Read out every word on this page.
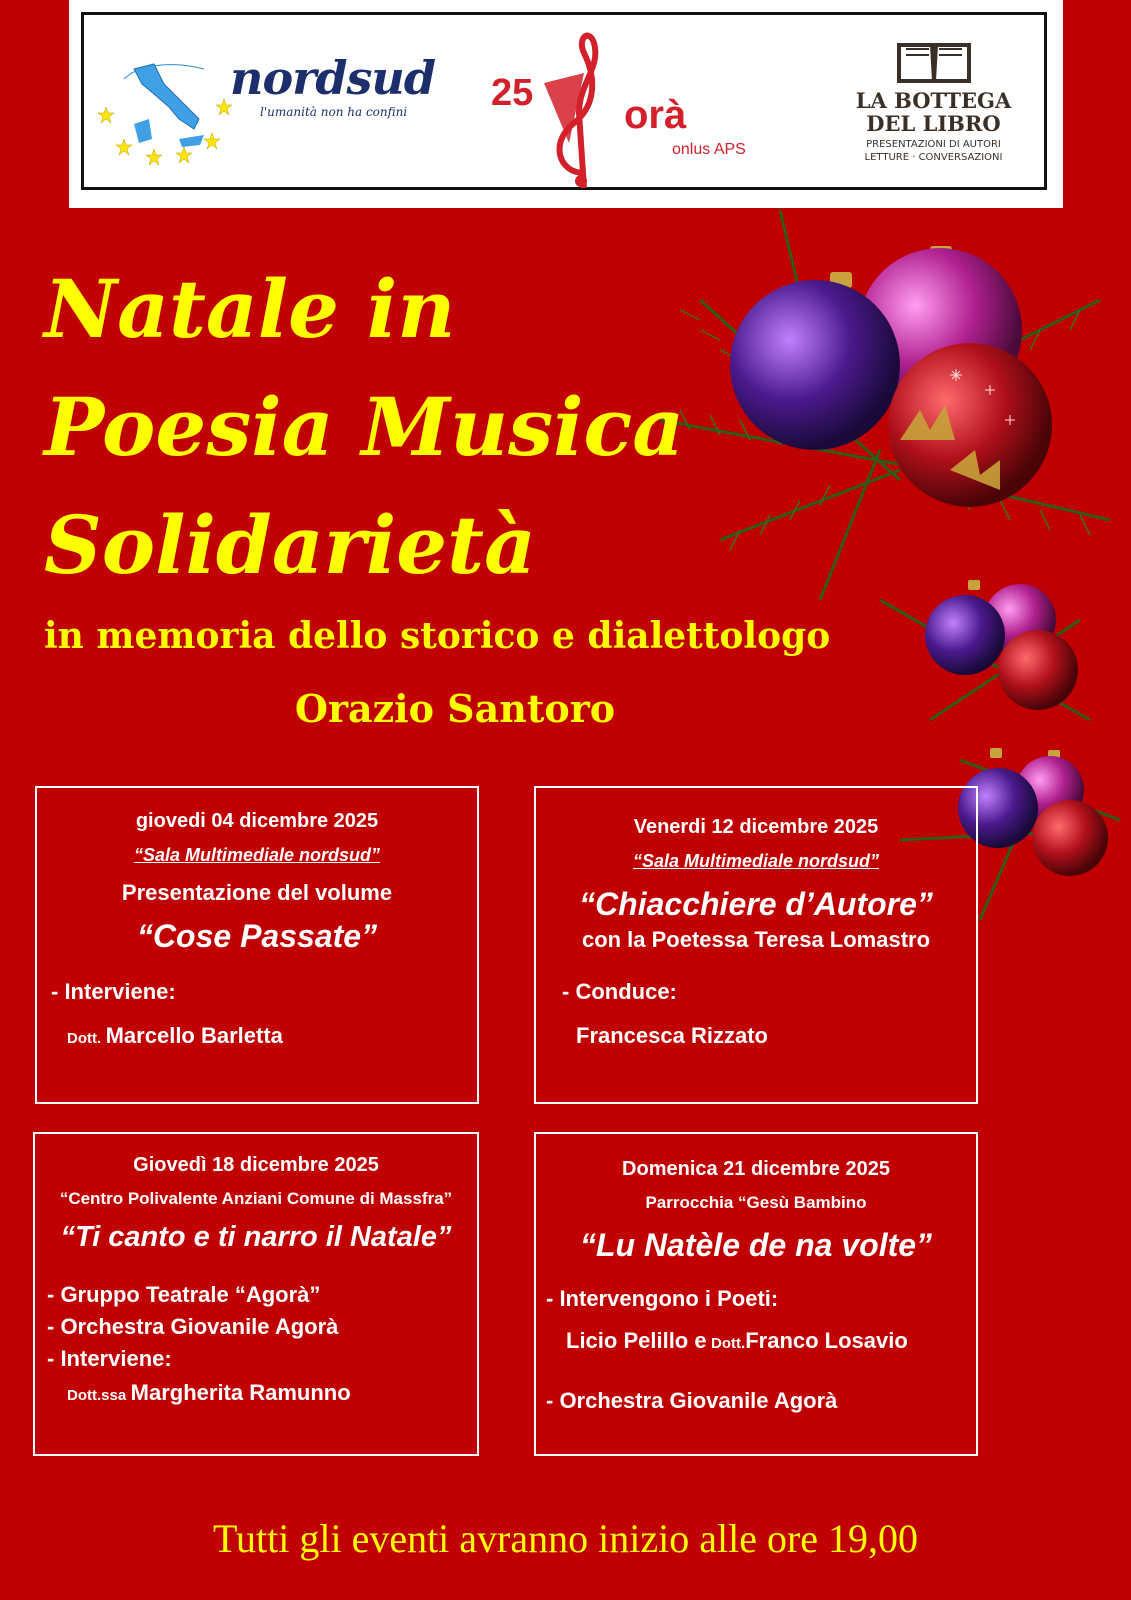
nordsud
l'umanità non ha confini 25 orà
onlus APS
LA BOTTEGA
DEL LIBRO
PRESENTAZIONI DI AUTORI
LETTURE · CONVERSAZIONI
Natale in
Poesia Musica
Solidarietà
in memoria dello storico e dialettologo
Orazio Santoro
giovedi 04 dicembre 2025
“Sala Multimediale nordsud”
Presentazione del volume
“Cose Passate”
- Interviene:
Dott. Marcello Barletta
Venerdi 12 dicembre 2025
“Sala Multimediale nordsud”
“Chiacchiere d’Autore”
con la Poetessa Teresa Lomastro
- Conduce:
Francesca Rizzato
Giovedì 18 dicembre 2025
“Centro Polivalente Anziani Comune di Massfra”
“Ti canto e ti narro il Natale”
- Gruppo Teatrale “Agorà”
- Orchestra Giovanile Agorà
- Interviene:
Dott.ssa Margherita Ramunno
Domenica 21 dicembre 2025
Parrocchia “Gesù Bambino
“Lu Natèle de na volte”
- Intervengono i Poeti:
Licio Pelillo e Dott.Franco Losavio
- Orchestra Giovanile Agorà
Tutti gli eventi avranno inizio alle ore 19,00
